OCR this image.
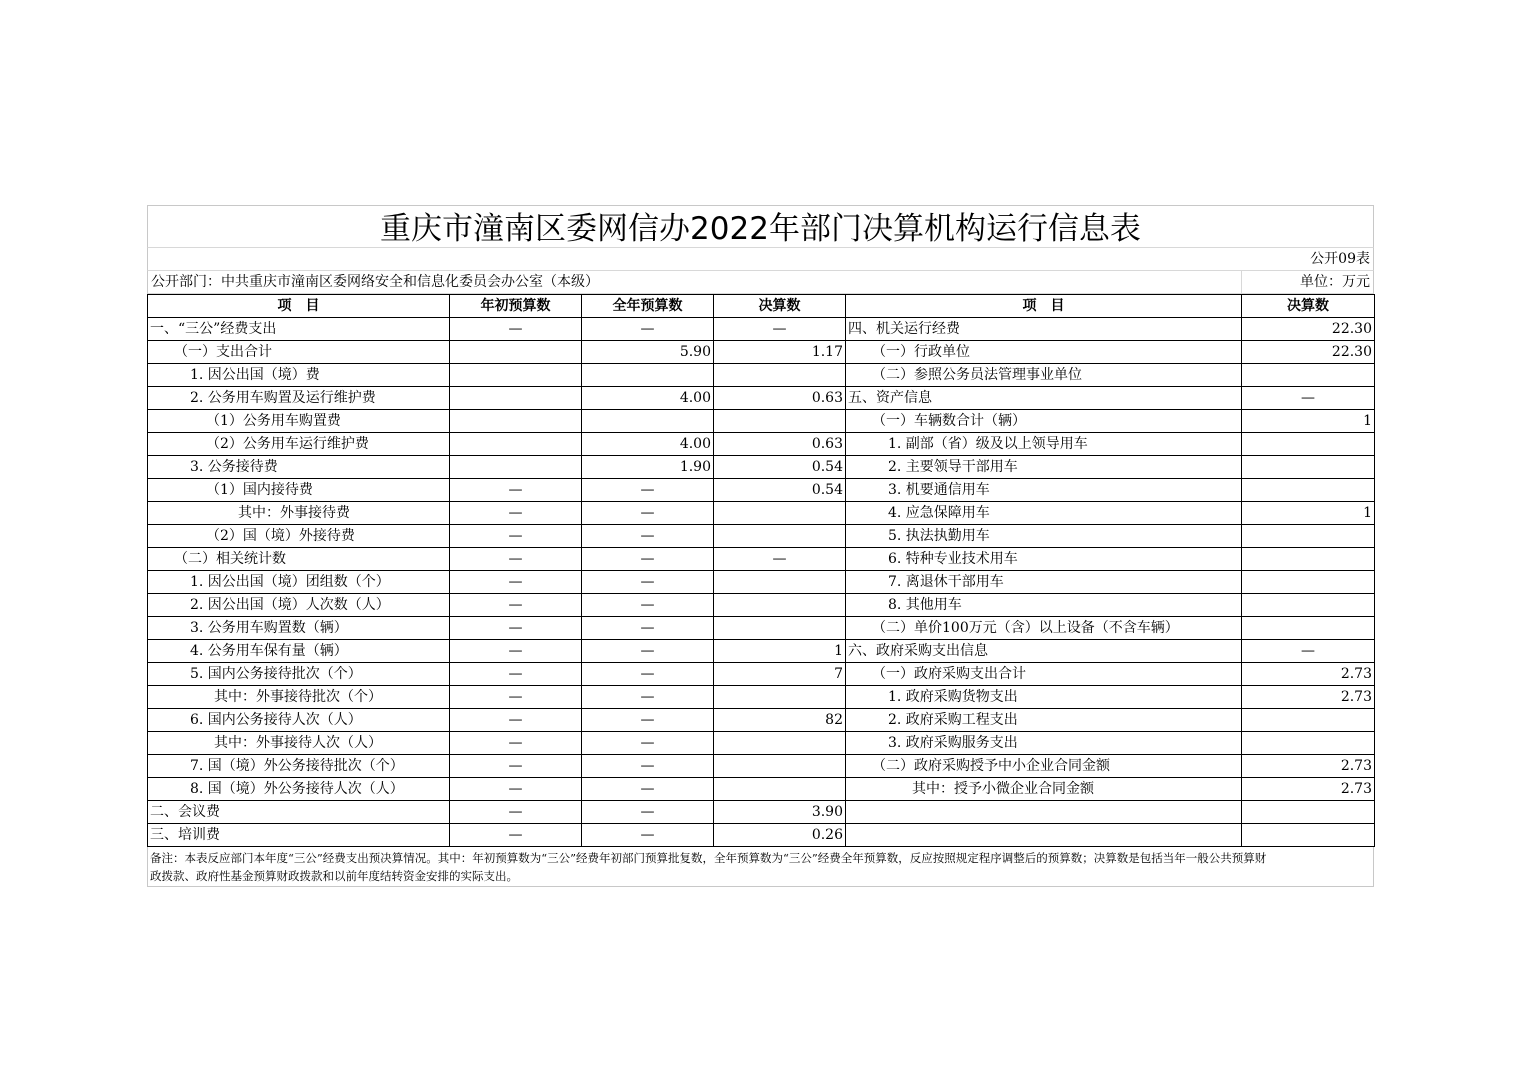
重庆市潼南区委网信办2022年部门决算机构运行信息表
公开09表
公开部门：中共重庆市潼南区委网络安全和信息化委员会办公室（本级）	单位：万元
项　目	年初预算数	全年预算数	决算数	项　目	决算数
一、“三公”经费支出	—	—	—	四、机关运行经费	22.30
（一）支出合计		5.90	1.17	（一）行政单位	22.30
1. 因公出国（境）费				（二）参照公务员法管理事业单位	
2. 公务用车购置及运行维护费		4.00	0.63	五、资产信息	—
（1）公务用车购置费				（一）车辆数合计（辆）	1
（2）公务用车运行维护费		4.00	0.63	1. 副部（省）级及以上领导用车	
3. 公务接待费		1.90	0.54	2. 主要领导干部用车	
（1）国内接待费	—	—	0.54	3. 机要通信用车	
其中：外事接待费	—	—		4. 应急保障用车	1
（2）国（境）外接待费	—	—		5. 执法执勤用车	
（二）相关统计数	—	—	—	6. 特种专业技术用车	
1. 因公出国（境）团组数（个）	—	—		7. 离退休干部用车	
2. 因公出国（境）人次数（人）	—	—		8. 其他用车	
3. 公务用车购置数（辆）	—	—		（二）单价100万元（含）以上设备（不含车辆）	
4. 公务用车保有量（辆）	—	—	1	六、政府采购支出信息	—
5. 国内公务接待批次（个）	—	—	7	（一）政府采购支出合计	2.73
其中：外事接待批次（个）	—	—		1. 政府采购货物支出	2.73
6. 国内公务接待人次（人）	—	—	82	2. 政府采购工程支出	
其中：外事接待人次（人）	—	—		3. 政府采购服务支出	
7. 国（境）外公务接待批次（个）	—	—		（二）政府采购授予中小企业合同金额	2.73
8. 国（境）外公务接待人次（人）	—	—		其中：授予小微企业合同金额	2.73
二、会议费	—	—	3.90		
三、培训费	—	—	0.26		
备注：本表反应部门本年度“三公”经费支出预决算情况。其中：年初预算数为“三公”经费年初部门预算批复数，全年预算数为“三公”经费全年预算数，反应按照规定程序调整后的预算数；决算数是包括当年一般公共预算财
政拨款、政府性基金预算财政拨款和以前年度结转资金安排的实际支出。
